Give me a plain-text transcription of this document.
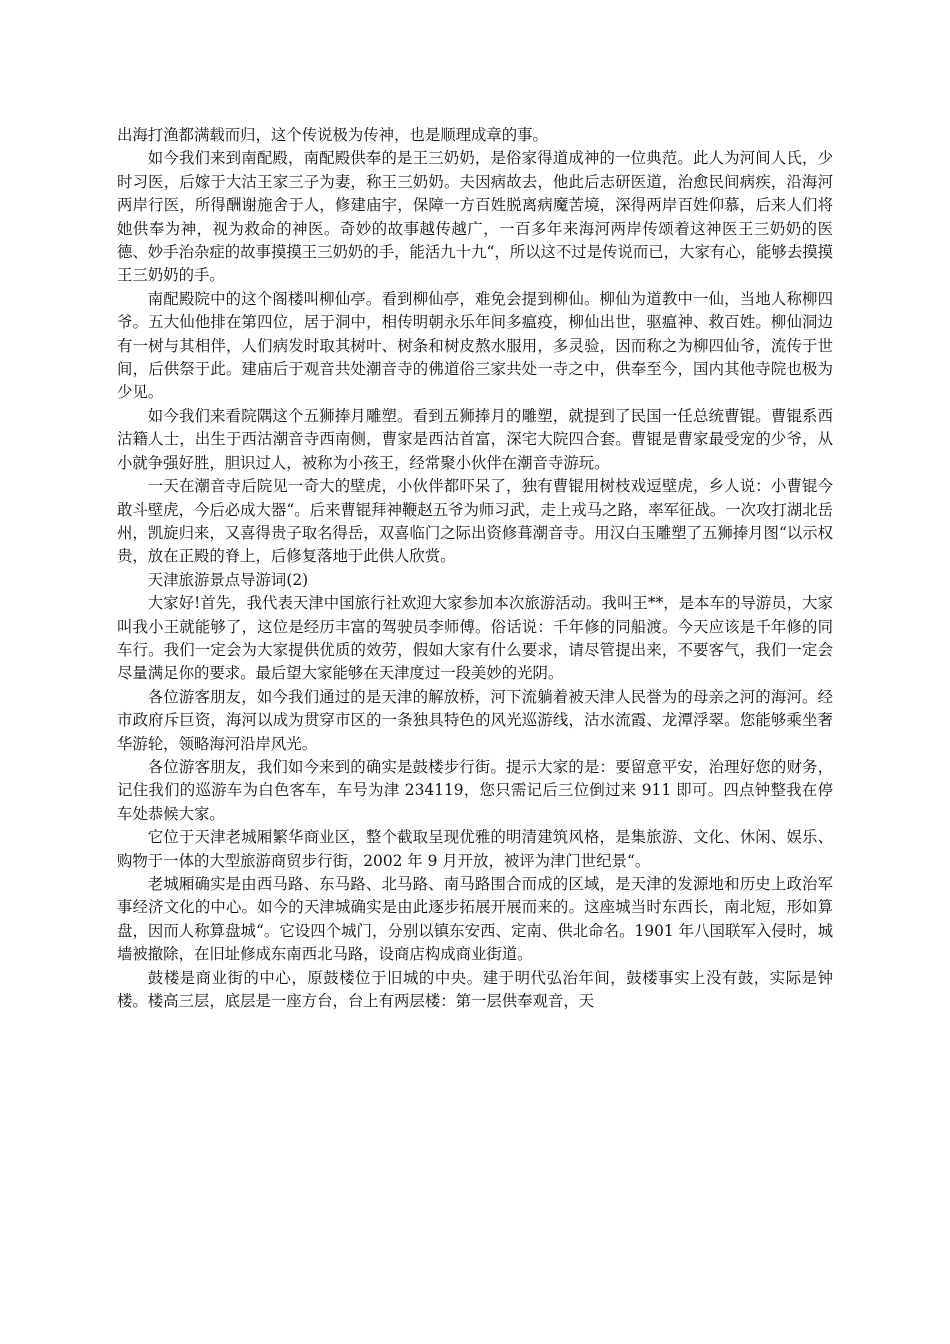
出海打渔都满载而归，这个传说极为传神，也是顺理成章的事。

如今我们来到南配殿，南配殿供奉的是王三奶奶，是俗家得道成神的一位典范。此人为河间人氏，少时习医，后嫁于大沽王家三子为妻，称王三奶奶。夫因病故去，他此后志研医道，治愈民间病疾，沿海河两岸行医，所得酬谢施舍于人，修建庙宇，保障一方百姓脱离病魔苦境，深得两岸百姓仰慕，后来人们将她供奉为神，视为救命的神医。奇妙的故事越传越广，一百多年来海河两岸传颂着这神医王三奶奶的医德、妙手治杂症的故事摸摸王三奶奶的手，能活九十九“，所以这不过是传说而已，大家有心，能够去摸摸王三奶奶的手。

南配殿院中的这个阁楼叫柳仙亭。看到柳仙亭，难免会提到柳仙。柳仙为道教中一仙，当地人称柳四爷。五大仙他排在第四位，居于洞中，相传明朝永乐年间多瘟疫，柳仙出世，驱瘟神、救百姓。柳仙洞边有一树与其相伴，人们病发时取其树叶、树条和树皮熬水服用，多灵验，因而称之为柳四仙爷，流传于世间，后供祭于此。建庙后于观音共处潮音寺的佛道俗三家共处一寺之中，供奉至今，国内其他寺院也极为少见。

如今我们来看院隅这个五狮捧月雕塑。看到五狮捧月的雕塑，就提到了民国一任总统曹锟。曹锟系西沽籍人士，出生于西沽潮音寺西南侧，曹家是西沽首富，深宅大院四合套。曹锟是曹家最受宠的少爷，从小就争强好胜，胆识过人，被称为小孩王，经常聚小伙伴在潮音寺游玩。

一天在潮音寺后院见一奇大的壁虎，小伙伴都吓呆了，独有曹锟用树枝戏逗壁虎，乡人说：小曹锟今敢斗壁虎，今后必成大器“。后来曹锟拜神鞭赵五爷为师习武，走上戎马之路，率军征战。一次攻打湖北岳州，凯旋归来，又喜得贵子取名得岳，双喜临门之际出资修葺潮音寺。用汉白玉雕塑了五狮捧月图“以示权贵，放在正殿的脊上，后修复落地于此供人欣赏。

天津旅游景点导游词(2)

大家好!首先，我代表天津中国旅行社欢迎大家参加本次旅游活动。我叫王**，是本车的导游员，大家叫我小王就能够了，这位是经历丰富的驾驶员李师傅。俗话说：千年修的同船渡。今天应该是千年修的同车行。我们一定会为大家提供优质的效劳，假如大家有什么要求，请尽管提出来，不要客气，我们一定会尽量满足你的要求。最后望大家能够在天津度过一段美妙的光阴。

各位游客朋友，如今我们通过的是天津的解放桥，河下流躺着被天津人民誉为的母亲之河的海河。经市政府斥巨资，海河以成为贯穿市区的一条独具特色的风光巡游线，沽水流霞、龙潭浮翠。您能够乘坐奢华游轮，领略海河沿岸风光。

各位游客朋友，我们如今来到的确实是鼓楼步行街。提示大家的是：要留意平安，治理好您的财务，记住我们的巡游车为白色客车，车号为津 234119，您只需记后三位倒过来 911 即可。四点钟整我在停车处恭候大家。

它位于天津老城厢繁华商业区，整个截取呈现优雅的明清建筑风格，是集旅游、文化、休闲、娱乐、购物于一体的大型旅游商贸步行街，2002 年 9 月开放，被评为津门世纪景“。

老城厢确实是由西马路、东马路、北马路、南马路围合而成的区域，是天津的发源地和历史上政治军事经济文化的中心。如今的天津城确实是由此逐步拓展开展而来的。这座城当时东西长，南北短，形如算盘，因而人称算盘城“。它设四个城门，分别以镇东安西、定南、供北命名。1901 年八国联军入侵时，城墙被撤除，在旧址修成东南西北马路，设商店构成商业街道。

鼓楼是商业街的中心，原鼓楼位于旧城的中央。建于明代弘治年间，鼓楼事实上没有鼓，实际是钟楼。楼高三层，底层是一座方台，台上有两层楼：第一层供奉观音，天
